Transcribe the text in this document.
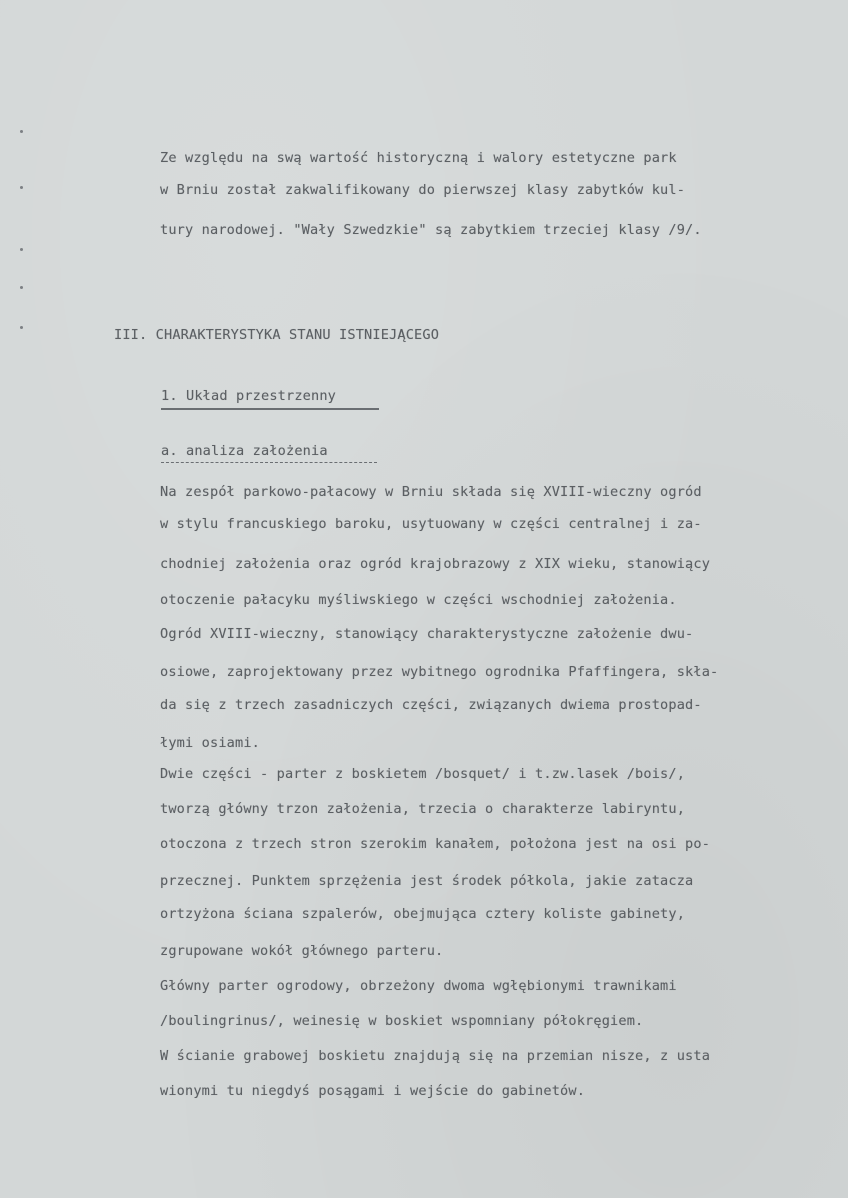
Ze względu na swą wartość historyczną i walory estetyczne park
w Brniu został zakwalifikowany do pierwszej klasy zabytków kul-
tury narodowej. "Wały Szwedzkie" są zabytkiem trzeciej klasy /9/.
III. CHARAKTERYSTYKA STANU ISTNIEJĄCEGO
1. Układ przestrzenny
a. analiza założenia
Na zespół parkowo-pałacowy w Brniu składa się XVIII-wieczny ogród
w stylu francuskiego baroku, usytuowany w części centralnej i za-
chodniej założenia oraz ogród krajobrazowy z XIX wieku, stanowiący
otoczenie pałacyku myśliwskiego w części wschodniej założenia.
Ogród XVIII-wieczny, stanowiący charakterystyczne założenie dwu-
osiowe, zaprojektowany przez wybitnego ogrodnika Pfaffingera, skła-
da się z trzech zasadniczych części, związanych dwiema prostopad-
łymi osiami.
Dwie części - parter z boskietem /bosquet/ i t.zw.lasek /bois/,
tworzą główny trzon założenia, trzecia o charakterze labiryntu,
otoczona z trzech stron szerokim kanałem, położona jest na osi po-
przecznej. Punktem sprzężenia jest środek półkola, jakie zatacza
ortzyżona ściana szpalerów, obejmująca cztery koliste gabinety,
zgrupowane wokół głównego parteru.
Główny parter ogrodowy, obrzeżony dwoma wgłębionymi trawnikami
/boulingrinus/, weinesię w boskiet wspomniany półokręgiem.
W ścianie grabowej boskietu znajdują się na przemian nisze, z usta
wionymi tu niegdyś posągami i wejście do gabinetów.
